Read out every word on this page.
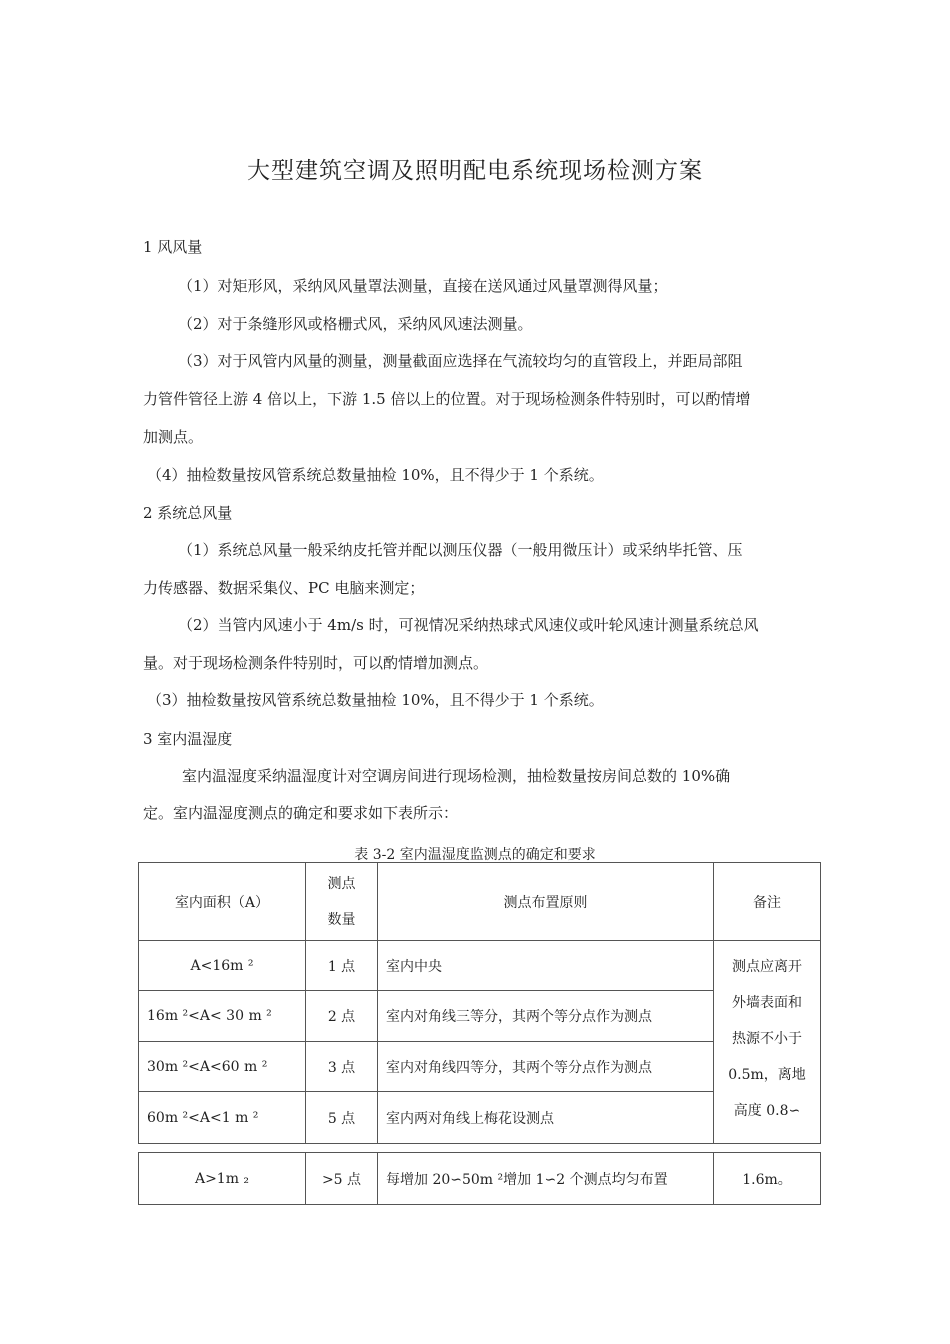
大型建筑空调及照明配电系统现场检测方案

1 风风量

（1）对矩形风，采纳风风量罩法测量，直接在送风通过风量罩测得风量；

（2）对于条缝形风或格栅式风，采纳风风速法测量。

（3）对于风管内风量的测量，测量截面应选择在气流较均匀的直管段上，并距局部阻

力管件管径上游 4 倍以上，下游 1.5 倍以上的位置。对于现场检测条件特别时，可以酌情增

加测点。

（4）抽检数量按风管系统总数量抽检 10%，且不得少于 1 个系统。

2 系统总风量

（1）系统总风量一般采纳皮托管并配以测压仪器（一般用微压计）或采纳毕托管、压

力传感器、数据采集仪、PC 电脑来测定；

（2）当管内风速小于 4m/s 时，可视情况采纳热球式风速仪或叶轮风速计测量系统总风

量。对于现场检测条件特别时，可以酌情增加测点。

（3）抽检数量按风管系统总数量抽检 10%，且不得少于 1 个系统。

3 室内温湿度

室内温湿度采纳温湿度计对空调房间进行现场检测，抽检数量按房间总数的 10%确

定。室内温湿度测点的确定和要求如下表所示：

表 3-2 室内温湿度监测点的确定和要求

室内面积（A）	测点
数量	测点布置原则	备注
A<16m ²	1 点	室内中央	测点应离开
外墙表面和
热源不小于
0.5m，离地
高度 0.8∽

16m ²<A< 30 m ²	2 点	室内对角线三等分，其两个等分点作为测点	
30m ²<A<60 m ²	3 点	室内对角线四等分，其两个等分点作为测点	
60m ²<A<1 m ²	5 点	室内两对角线上梅花设测点	

A>1m ₂	>5 点	每增加 20∽50m ²增加 1∽2 个测点均匀布置	1.6m。
